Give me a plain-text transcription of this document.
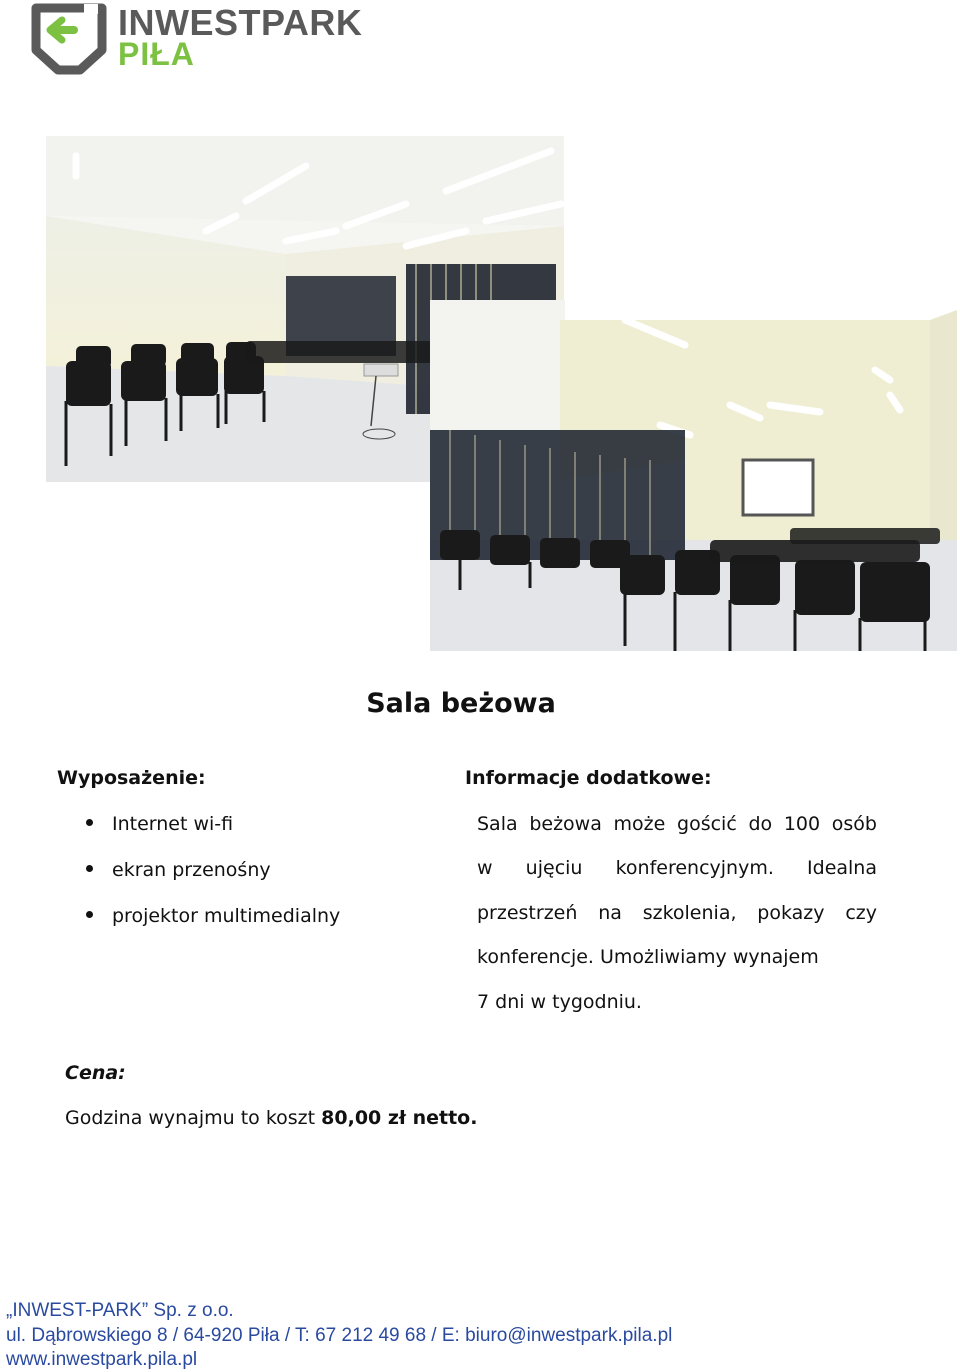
INWESTPARK
PIŁA
Sala beżowa
Wyposażenie:
Internet wi-fi
ekran przenośny
projektor multimedialny
Informacje dodatkowe:
Sala beżowa może gościć do 100 osób
w ujęciu konferencyjnym. Idealna
przestrzeń na szkolenia, pokazy czy
konferencje. Umożliwiamy wynajem
7 dni w tygodniu.
Cena:
Godzina wynajmu to koszt 80,00 zł netto.
„INWEST-PARK” Sp. z o.o.
ul. Dąbrowskiego 8 / 64-920 Piła / T: 67 212 49 68 / E: biuro@inwestpark.pila.pl
www.inwestpark.pila.pl
